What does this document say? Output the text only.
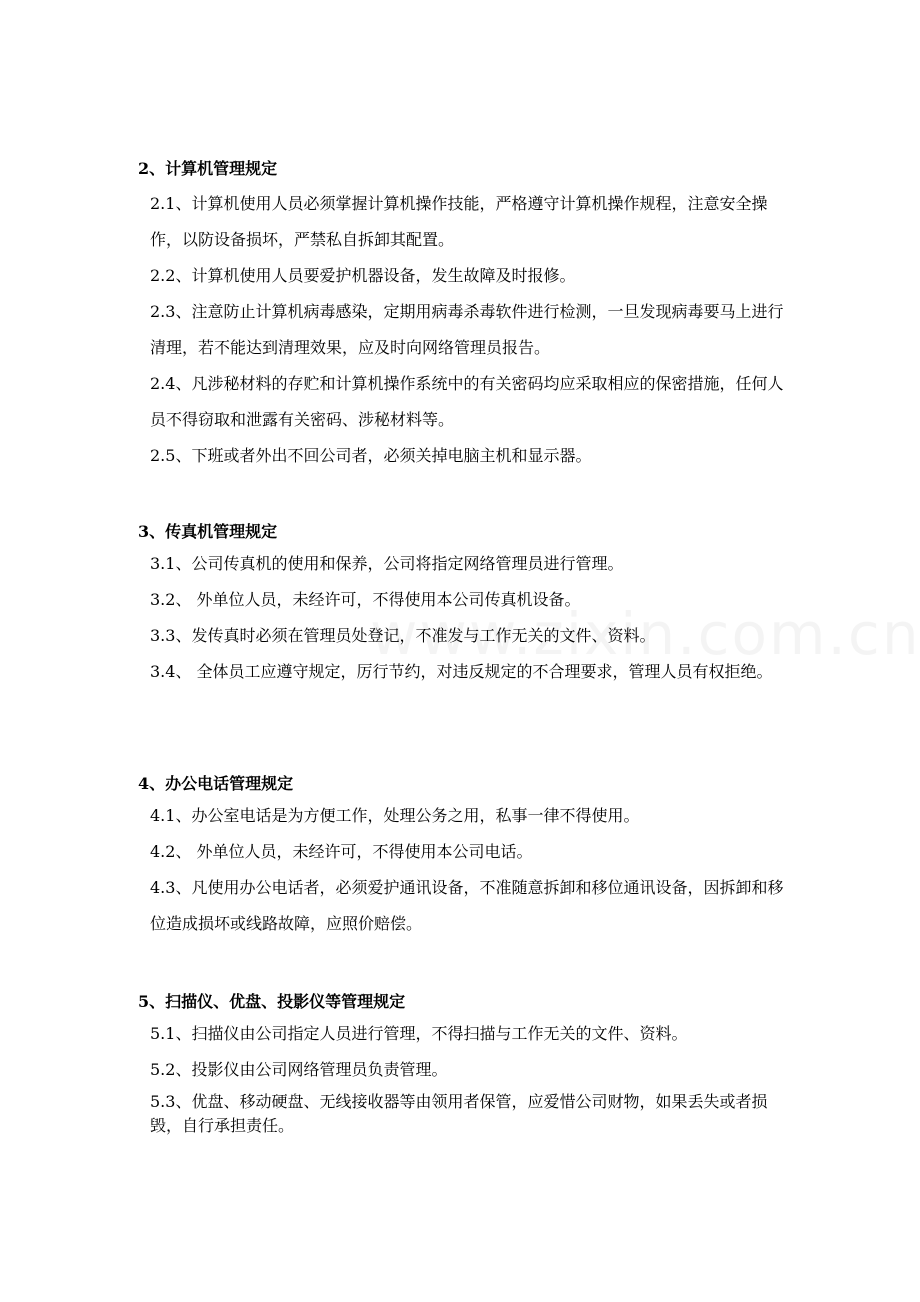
2、计算机管理规定
2.1、计算机使用人员必须掌握计算机操作技能，严格遵守计算机操作规程，注意安全操作，以防设备损坏，严禁私自拆卸其配置。
2.2、计算机使用人员要爱护机器设备，发生故障及时报修。
2.3、注意防止计算机病毒感染，定期用病毒杀毒软件进行检测，一旦发现病毒要马上进行清理，若不能达到清理效果，应及时向网络管理员报告。
2.4、凡涉秘材料的存贮和计算机操作系统中的有关密码均应采取相应的保密措施，任何人员不得窃取和泄露有关密码、涉秘材料等。
2.5、下班或者外出不回公司者，必须关掉电脑主机和显示器。
3、传真机管理规定
3.1、公司传真机的使用和保养，公司将指定网络管理员进行管理。
3.2、 外单位人员，未经许可，不得使用本公司传真机设备。
3.3、发传真时必须在管理员处登记，不准发与工作无关的文件、资料。
3.4、 全体员工应遵守规定，厉行节约，对违反规定的不合理要求，管理人员有权拒绝。
4、办公电话管理规定
4.1、办公室电话是为方便工作，处理公务之用，私事一律不得使用。
4.2、 外单位人员，未经许可，不得使用本公司电话。
4.3、凡使用办公电话者，必须爱护通讯设备，不准随意拆卸和移位通讯设备，因拆卸和移位造成损坏或线路故障，应照价赔偿。
5、扫描仪、优盘、投影仪等管理规定
5.1、扫描仪由公司指定人员进行管理，不得扫描与工作无关的文件、资料。
5.2、投影仪由公司网络管理员负责管理。
5.3、优盘、移动硬盘、无线接收器等由领用者保管，应爱惜公司财物，如果丢失或者损毁，自行承担责任。
